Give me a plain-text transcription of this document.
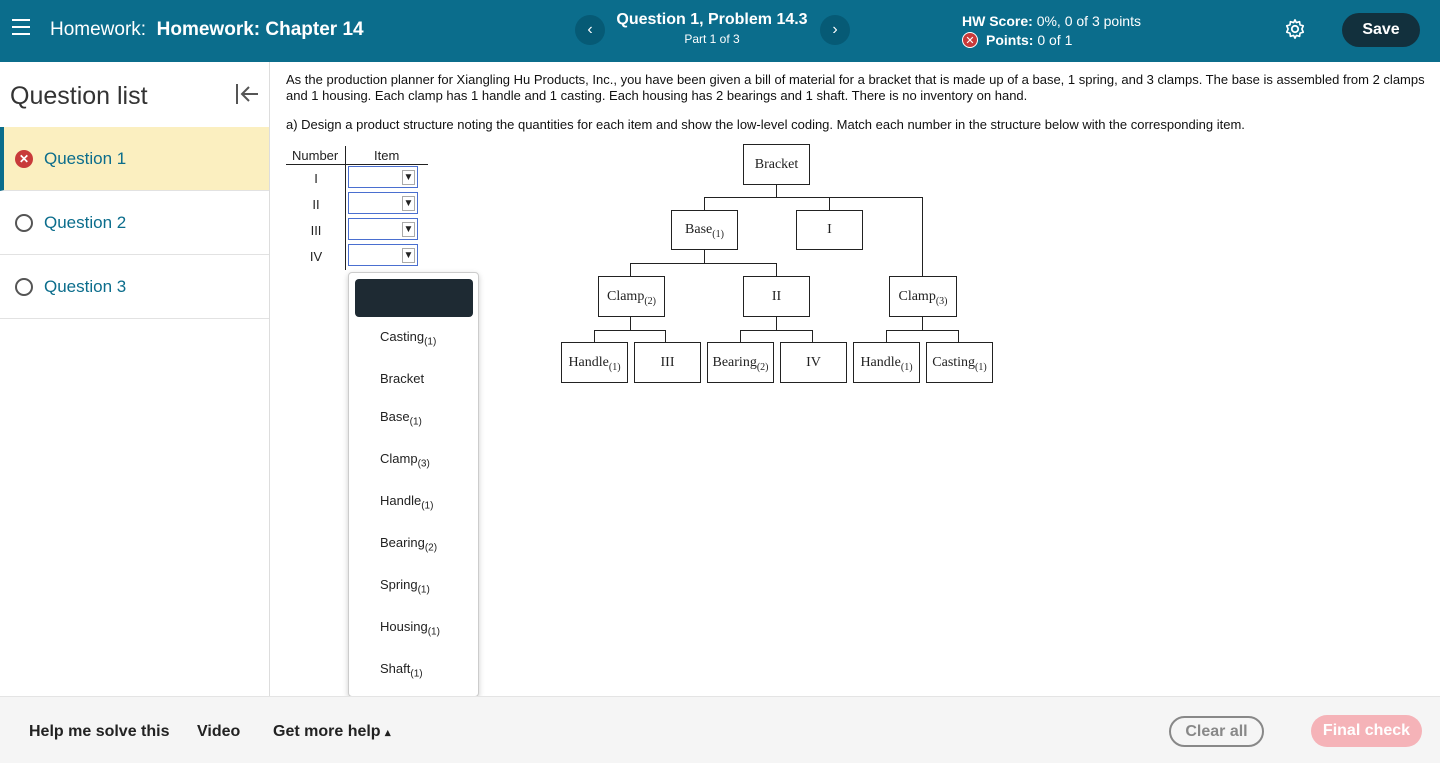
Homework: Homework: Chapter 14	‹
Question 1, Problem 14.3
Part 1 of 3
›	HW Score: 0%, 0 of 3 points
✕ Points:
0 of 1
Save
Question list
✕ Question 1
Question 2
Question 3
As the production planner for Xiangling Hu Products, Inc., you have been given a bill of material for a bracket that is made up of a base, 1 spring, and 3 clamps. The base is assembled from 2 clamps and 1 housing. Each clamp has 1 handle and 1 casting. Each housing has 2 bearings and 1 shaft. There is no inventory on hand.
a) Design a product structure noting the quantities for each item and show the low-level coding. Match each number in the structure below with the corresponding item.
Number	Item
I	▼
II	▼
III	▼
IV	▼
Casting$_{(1)}$
Bracket
Base$_{(1)}$
Clamp$_{(3)}$
Handle$_{(1)}$
Bearing$_{(2)}$
Spring$_{(1)}$
Housing$_{(1)}$
Shaft$_{(1)}$
Bracket
Base$_{(1)}$	I
Clamp$_{(2)}$	II	Clamp$_{(3)}$
Handle$_{(1)}$	III	Bearing$_{(2)}$	IV	Handle$_{(1)}$	Casting$_{(1)}$
Help me solve this Video Get more help ▴	Clear all	Final check
